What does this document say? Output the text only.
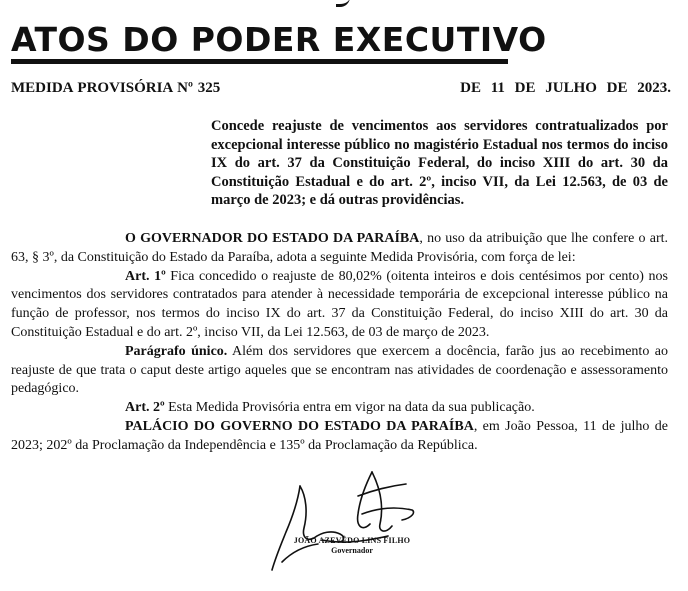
ATOS DO PODER EXECUTIVO
MEDIDA PROVISÓRIA Nº 325	DE 11 DE JULHO DE 2023.
Concede reajuste de vencimentos aos servidores contratualizados por excepcional interesse público no magistério Estadual nos termos do inciso IX do art. 37 da Constituição Federal, do inciso XIII do art. 30 da Constituição Estadual e do art. 2º, inciso VII, da Lei 12.563, de 03 de março de 2023; e dá outras providências.

O GOVERNADOR DO ESTADO DA PARAÍBA, no uso da atribuição que lhe confere o art. 63, § 3º, da Constituição do Estado da Paraíba, adota a seguinte Medida Provisória, com força de lei:

Art. 1º Fica concedido o reajuste de 80,02% (oitenta inteiros e dois centésimos por cento) nos vencimentos dos servidores contratados para atender à necessidade temporária de excepcional interesse público na função de professor, nos termos do inciso IX do art. 37 da Constituição Federal, do inciso XIII do art. 30 da Constituição Estadual e do art. 2º, inciso VII, da Lei 12.563, de 03 de março de 2023.

Parágrafo único. Além dos servidores que exercem a docência, farão jus ao recebimento ao reajuste de que trata o caput deste artigo aqueles que se encontram nas atividades de coordenação e assessoramento pedagógico.

Art. 2º Esta Medida Provisória entra em vigor na data da sua publicação.

PALÁCIO DO GOVERNO DO ESTADO DA PARAÍBA, em João Pessoa, 11 de julho de 2023; 202º da Proclamação da Independência e 135º da Proclamação da República.

JOÃO AZEVÊDO LINS FILHO
Governador
